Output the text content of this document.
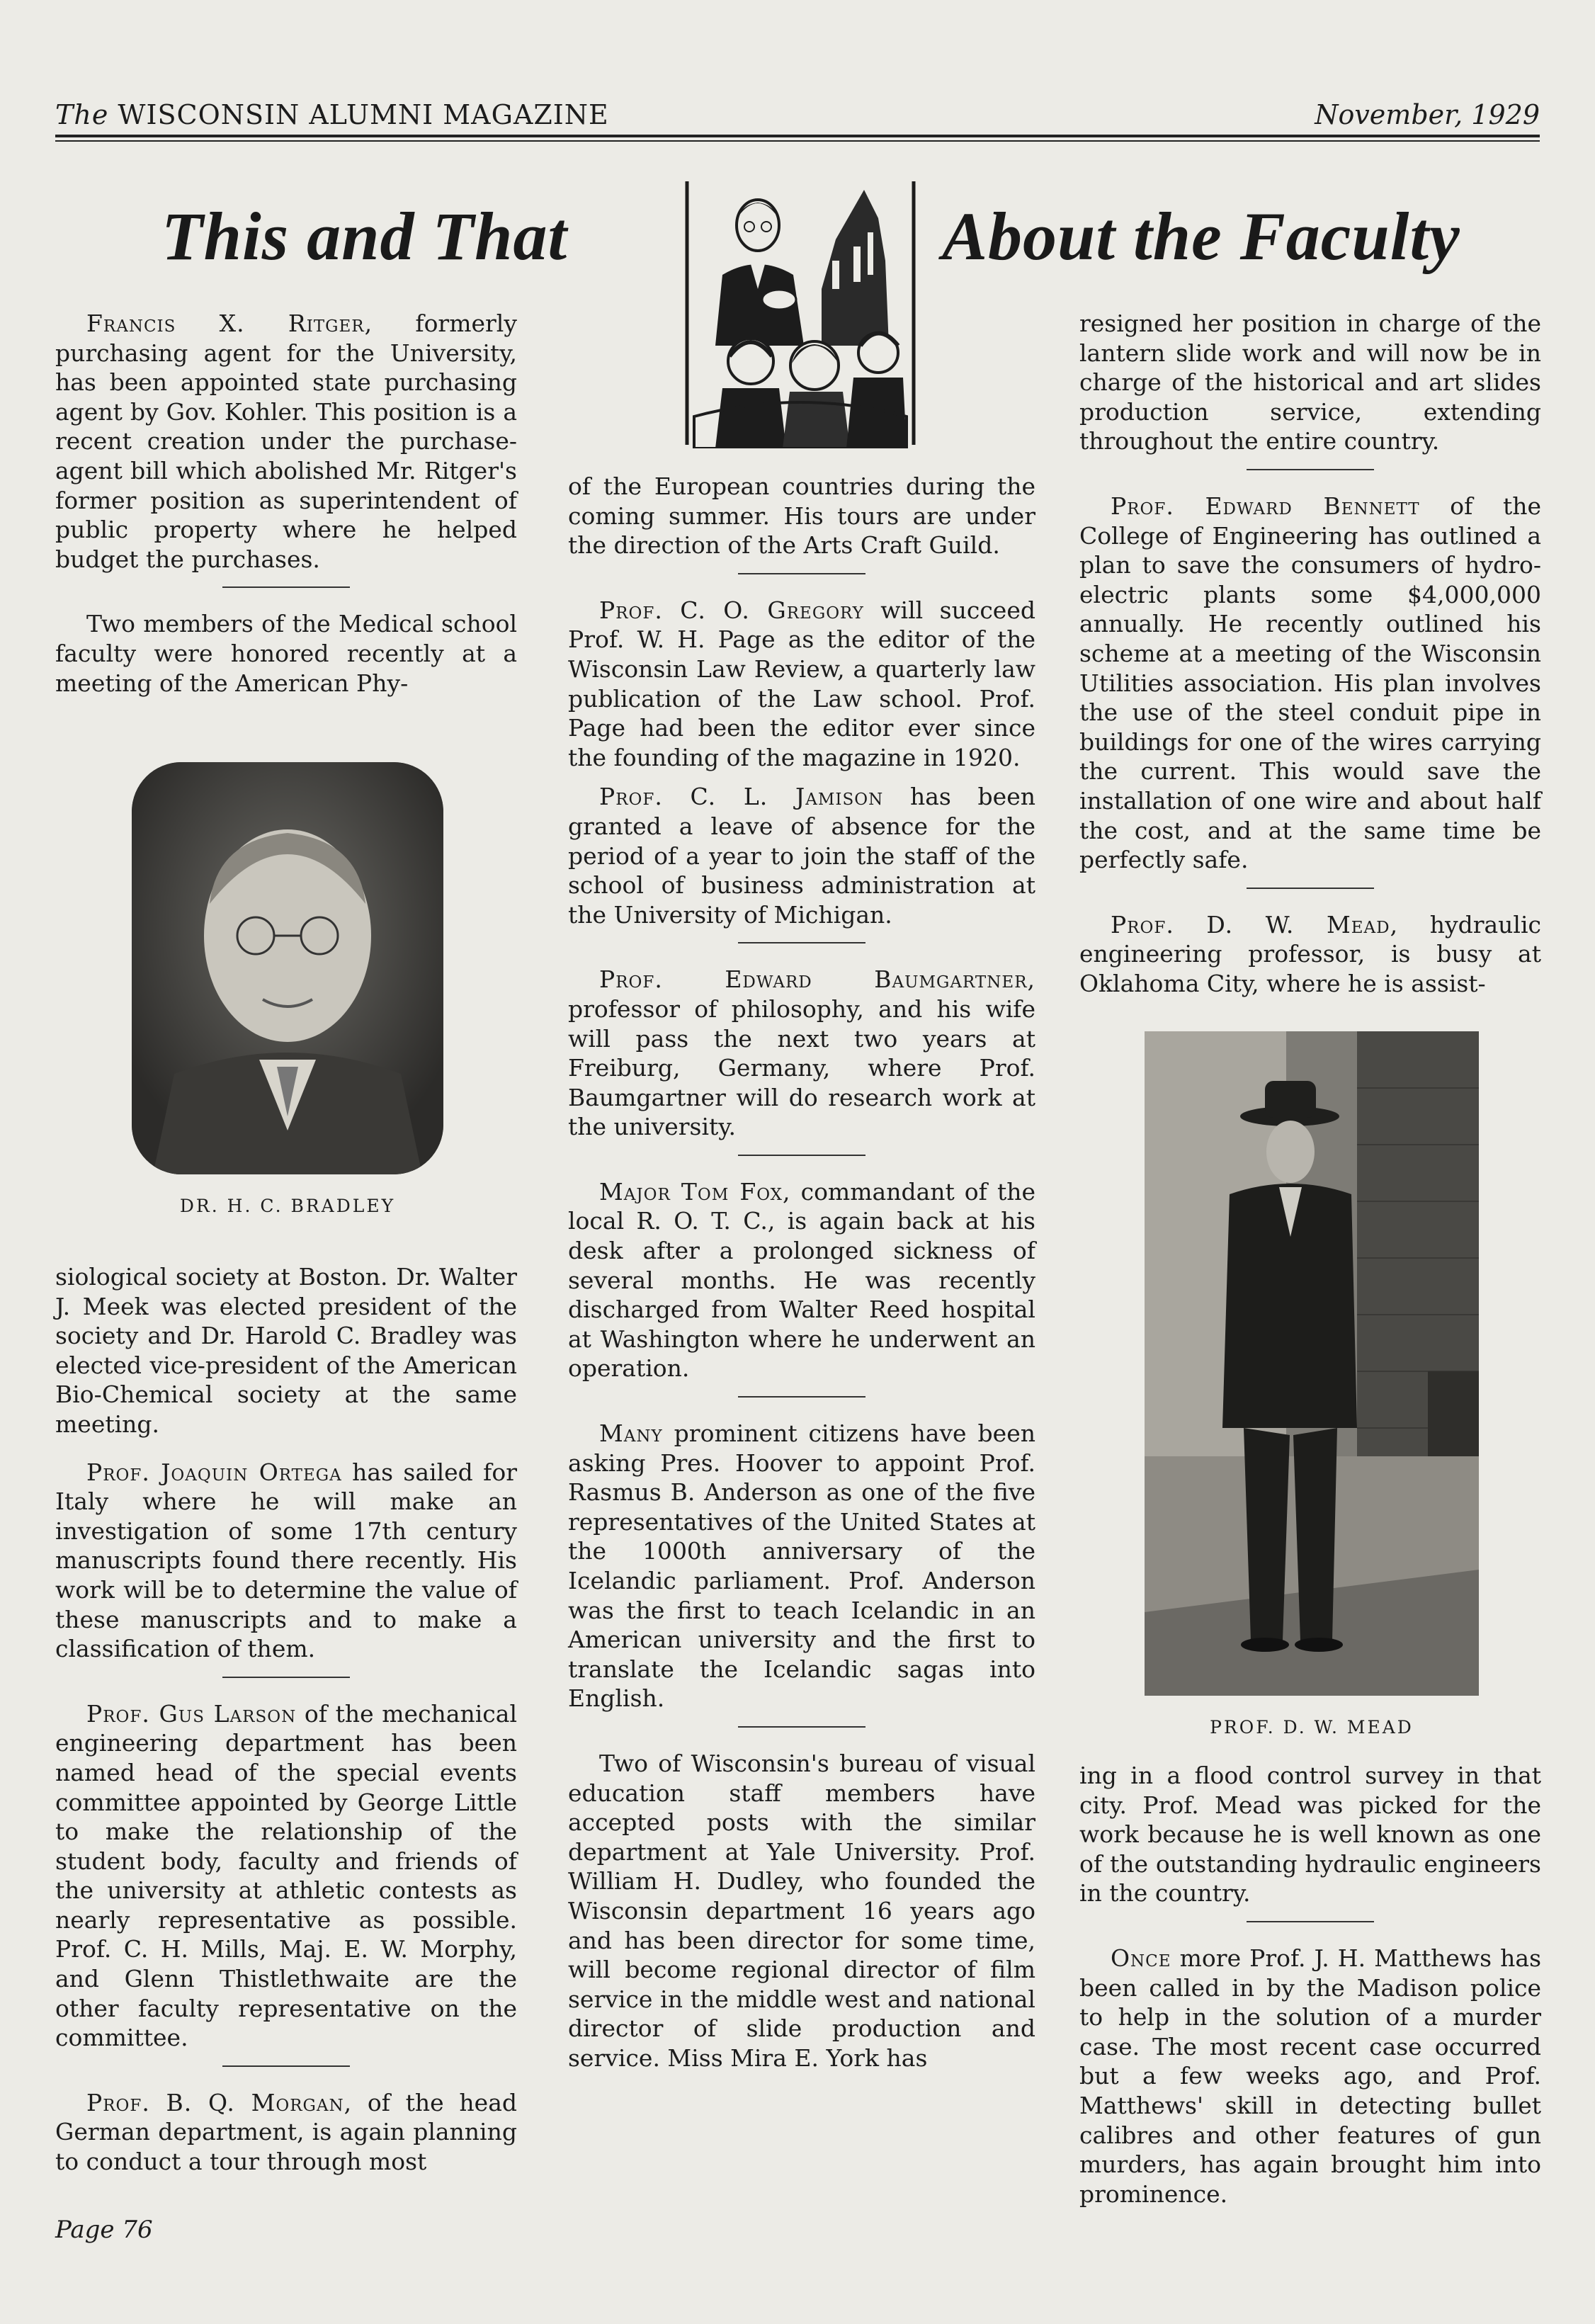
The WISCONSIN ALUMNI MAGAZINE	November, 1929
This and That	About the Faculty

Francis X. Ritger, formerly purchasing agent for the University, has been appointed state purchasing agent by Gov. Kohler. This position is a recent creation under the purchase-agent bill which abolished Mr. Ritger's former position as superintendent of public property where he helped budget the purchases.

Two members of the Medical school faculty were honored recently at a meeting of the American Phy-

DR. H. C. BRADLEY

siological society at Boston. Dr. Walter J. Meek was elected president of the society and Dr. Harold C. Bradley was elected vice-president of the American Bio-Chemical society at the same meeting.

Prof. Joaquin Ortega has sailed for Italy where he will make an investigation of some 17th century manuscripts found there recently. His work will be to determine the value of these manuscripts and to make a classification of them.

Prof. Gus Larson of the mechanical engineering department has been named head of the special events committee appointed by George Little to make the relationship of the student body, faculty and friends of the university at athletic contests as nearly representative as possible. Prof. C. H. Mills, Maj. E. W. Morphy, and Glenn Thistlethwaite are the other faculty representative on the committee.

Prof. B. Q. Morgan, of the head German department, is again planning to conduct a tour through most

of the European countries during the coming summer. His tours are under the direction of the Arts Craft Guild.

Prof. C. O. Gregory will succeed Prof. W. H. Page as the editor of the Wisconsin Law Review, a quarterly law publication of the Law school. Prof. Page had been the editor ever since the founding of the magazine in 1920.

Prof. C. L. Jamison has been granted a leave of absence for the period of a year to join the staff of the school of business administration at the University of Michigan.

Prof. Edward Baumgartner, professor of philosophy, and his wife will pass the next two years at Freiburg, Germany, where Prof. Baumgartner will do research work at the university.

Major Tom Fox, commandant of the local R. O. T. C., is again back at his desk after a prolonged sickness of several months. He was recently discharged from Walter Reed hospital at Washington where he underwent an operation.

Many prominent citizens have been asking Pres. Hoover to appoint Prof. Rasmus B. Anderson as one of the five representatives of the United States at the 1000th anniversary of the Icelandic parliament. Prof. Anderson was the first to teach Icelandic in an American university and the first to translate the Icelandic sagas into English.

Two of Wisconsin's bureau of visual education staff members have accepted posts with the similar department at Yale University. Prof. William H. Dudley, who founded the Wisconsin department 16 years ago and has been director for some time, will become regional director of film service in the middle west and national director of slide production and service. Miss Mira E. York has

resigned her position in charge of the lantern slide work and will now be in charge of the historical and art slides production service, extending throughout the entire country.

Prof. Edward Bennett of the College of Engineering has outlined a plan to save the consumers of hydro-electric plants some $4,000,000 annually. He recently outlined his scheme at a meeting of the Wisconsin Utilities association. His plan involves the use of the steel conduit pipe in buildings for one of the wires carrying the current. This would save the installation of one wire and about half the cost, and at the same time be perfectly safe.

Prof. D. W. Mead, hydraulic engineering professor, is busy at Oklahoma City, where he is assist-

PROF. D. W. MEAD

ing in a flood control survey in that city. Prof. Mead was picked for the work because he is well known as one of the outstanding hydraulic engineers in the country.

Once more Prof. J. H. Matthews has been called in by the Madison police to help in the solution of a murder case. The most recent case occurred but a few weeks ago, and Prof. Matthews' skill in detecting bullet calibres and other features of gun murders, has again brought him into prominence.

Page 76
